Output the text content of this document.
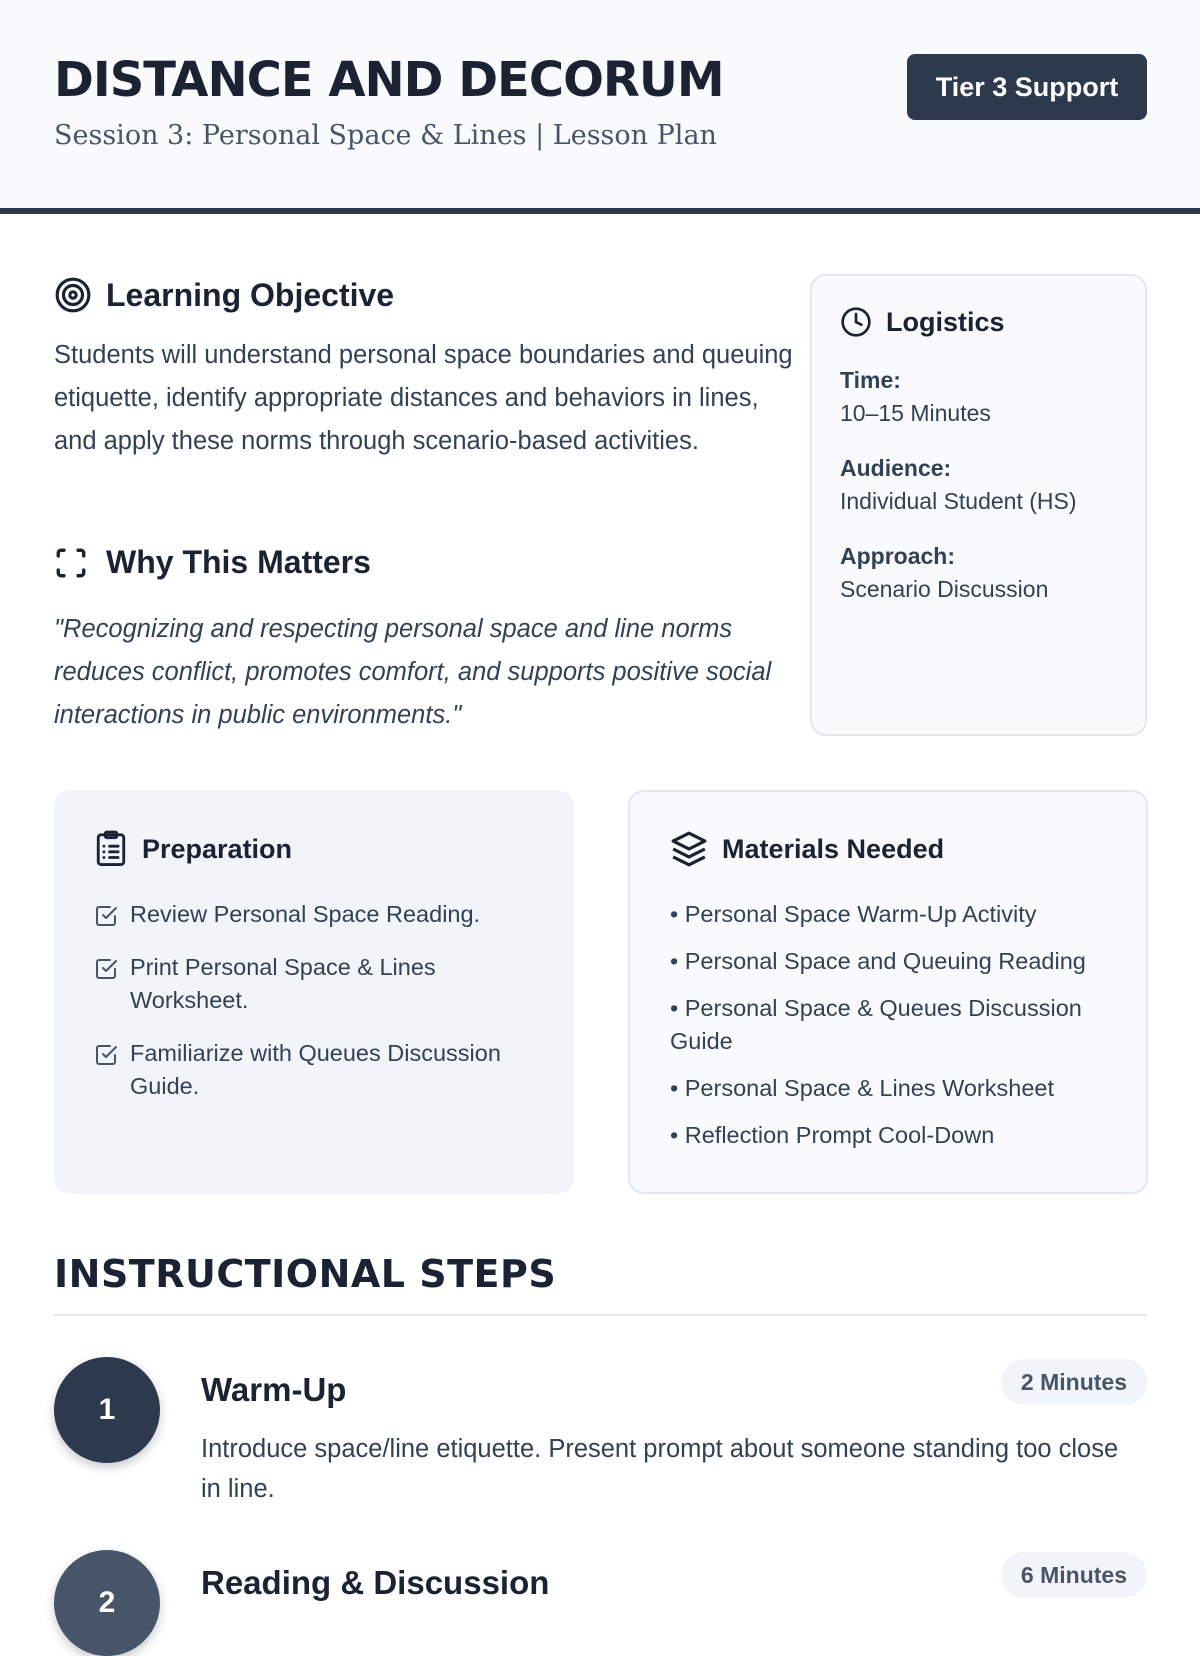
DISTANCE AND DECORUM
Session 3: Personal Space & Lines | Lesson Plan
Tier 3 Support
Learning Objective
Students will understand personal space boundaries and queuing etiquette, identify appropriate distances and behaviors in lines, and apply these norms through scenario-based activities.
Why This Matters
"Recognizing and respecting personal space and line norms reduces conflict, promotes comfort, and supports positive social interactions in public environments."
Logistics
Time:
10–15 Minutes
Audience:
Individual Student (HS)
Approach:
Scenario Discussion
Preparation
Review Personal Space Reading.
Print Personal Space & Lines Worksheet.
Familiarize with Queues Discussion Guide.
Materials Needed
• Personal Space Warm-Up Activity
• Personal Space and Queuing Reading
• Personal Space & Queues Discussion Guide
• Personal Space & Lines Worksheet
• Reflection Prompt Cool-Down
INSTRUCTIONAL STEPS
1
Warm-Up	2 Minutes
Introduce space/line etiquette. Present prompt about someone standing too close in line.
2
Reading & Discussion	6 Minutes
